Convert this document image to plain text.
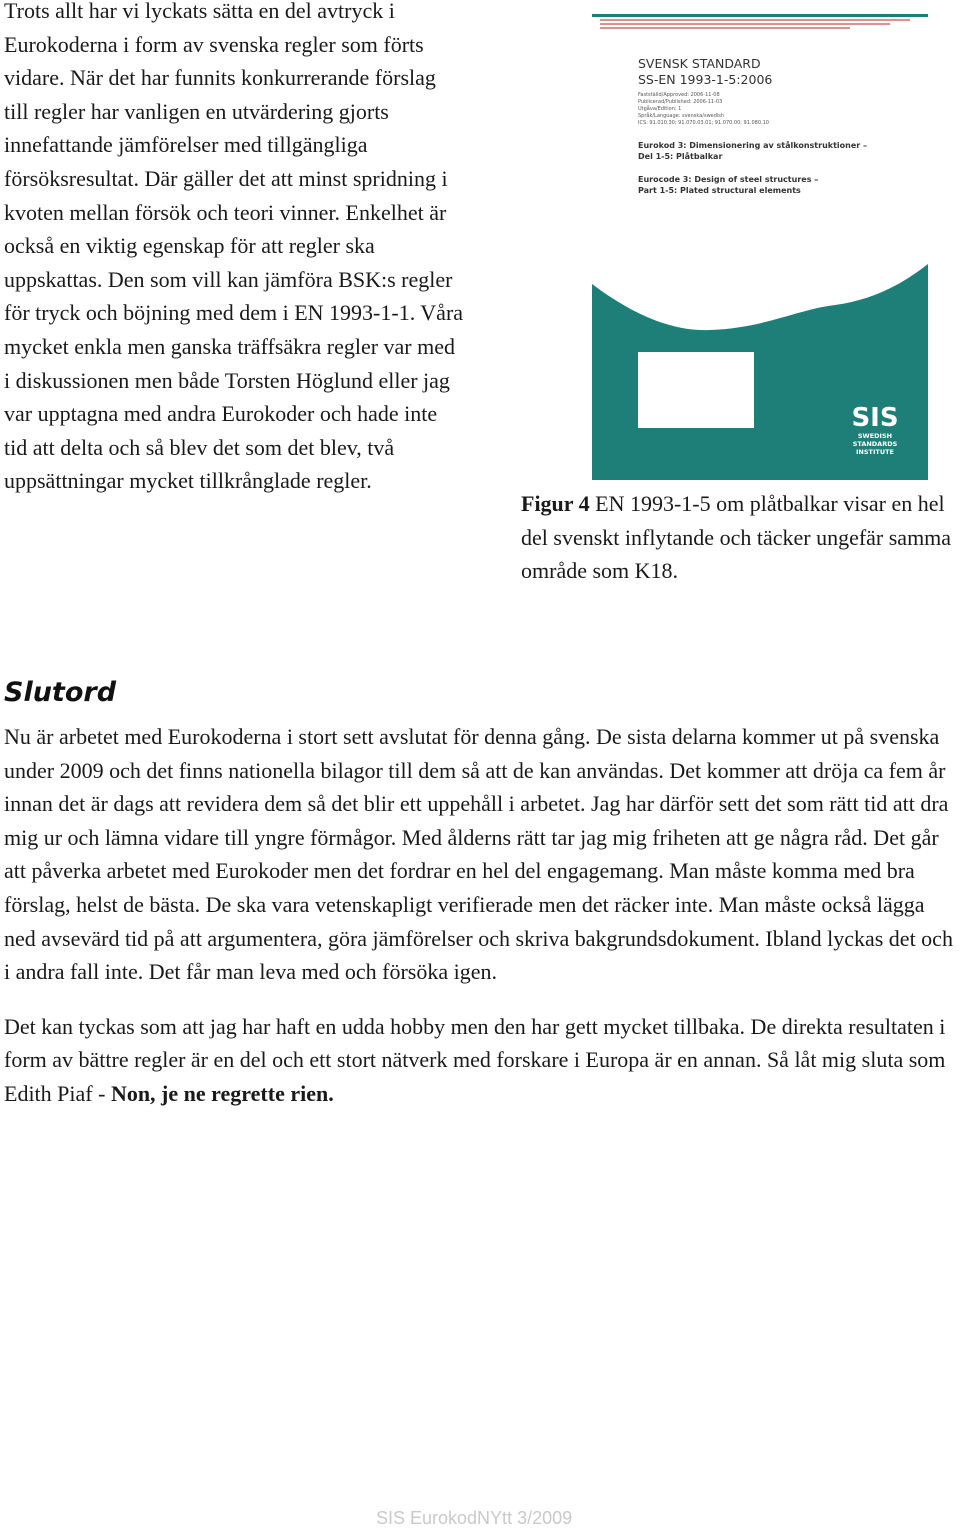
Trots allt har vi lyckats sätta en del avtryck i Eurokoderna i form av svenska regler som förts vidare. När det har funnits konkurrerande förslag till regler har vanligen en utvärdering gjorts innefattande jämförelser med tillgängliga försöksresultat. Där gäller det att minst spridning i kvoten mellan försök och teori vinner. Enkelhet är också en viktig egenskap för att regler ska uppskattas. Den som vill kan jämföra BSK:s regler för tryck och böjning med dem i EN 1993-1-1. Våra mycket enkla men ganska träffsäkra regler var med i diskussionen men både Torsten Höglund eller jag var upptagna med andra Eurokoder och hade inte tid att delta och så blev det som det blev, två uppsättningar mycket tillkrånglade regler.

SVENSK STANDARD
SS-EN 1993-1-5:2006
Fastställd/Approved: 2006-11-08
Publicerad/Published: 2006-11-03
Utgåva/Edition: 1
Språk/Language: svenska/swedish
ICS: 91.010.30; 91.070.03.01; 91.070.00; 91.080.10
Eurokod 3: Dimensionering av stålkonstruktioner –
Del 1-5: Plåtbalkar
Eurocode 3: Design of steel structures –
Part 1-5: Plated structural elements
SIS
SWEDISH
STANDARDS
INSTITUTE
Figur 4 EN 1993-1-5 om plåtbalkar visar en hel del svenskt inflytande och täcker ungefär samma område som K18.
Slutord

Nu är arbetet med Eurokoderna i stort sett avslutat för denna gång. De sista delarna kommer ut på svenska under 2009 och det finns nationella bilagor till dem så att de kan användas. Det kommer att dröja ca fem år innan det är dags att revidera dem så det blir ett uppehåll i arbetet. Jag har därför sett det som rätt tid att dra mig ur och lämna vidare till yngre förmågor. Med ålderns rätt tar jag mig friheten att ge några råd. Det går att påverka arbetet med Eurokoder men det fordrar en hel del engagemang. Man måste komma med bra förslag, helst de bästa. De ska vara vetenskapligt verifierade men det räcker inte. Man måste också lägga ned avsevärd tid på att argumentera, göra jämförelser och skriva bakgrundsdokument. Ibland lyckas det och i andra fall inte. Det får man leva med och försöka igen.

Det kan tyckas som att jag har haft en udda hobby men den har gett mycket tillbaka. De direkta resultaten i form av bättre regler är en del och ett stort nätverk med forskare i Europa är en annan. Så låt mig sluta som Edith Piaf - Non, je ne regrette rien.

SIS EurokodNYtt 3/2009
